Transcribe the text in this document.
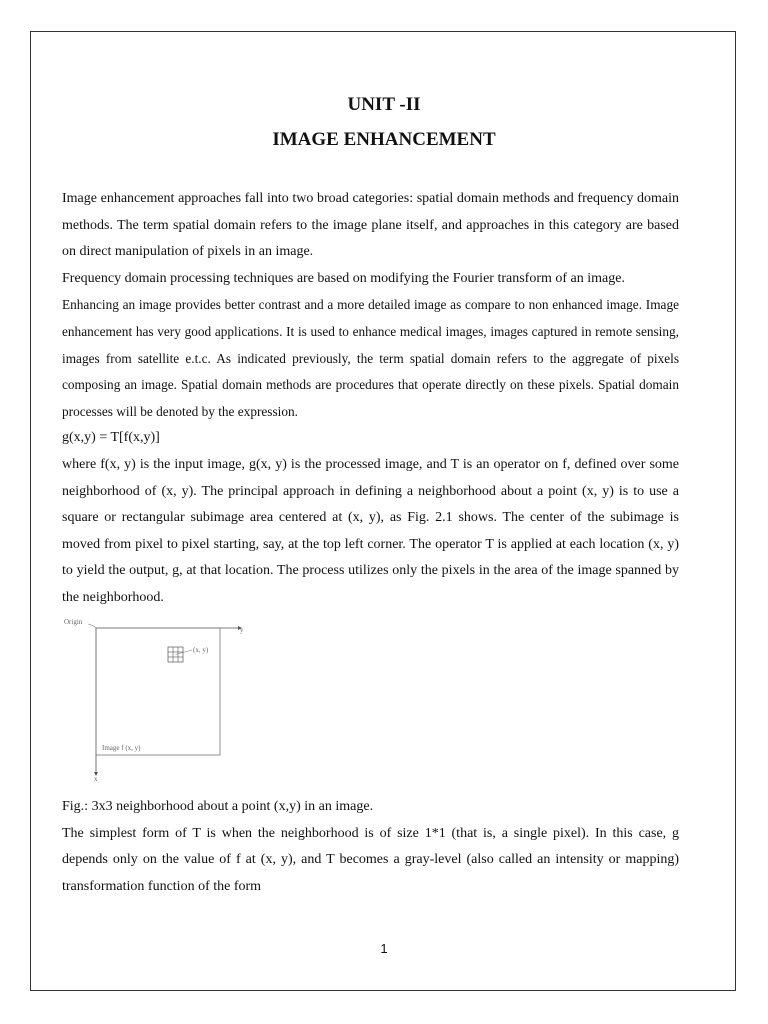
UNIT -II
IMAGE ENHANCEMENT

Image enhancement approaches fall into two broad categories: spatial domain methods and frequency domain methods. The term spatial domain refers to the image plane itself, and approaches in this category are based on direct manipulation of pixels in an image.

Frequency domain processing techniques are based on modifying the Fourier transform of an image.

Enhancing an image provides better contrast and a more detailed image as compare to non enhanced image. Image enhancement has very good applications. It is used to enhance medical images, images captured in remote sensing, images from satellite e.t.c. As indicated previously, the term spatial domain refers to the aggregate of pixels composing an image. Spatial domain methods are procedures that operate directly on these pixels. Spatial domain processes will be denoted by the expression.

g(x,y) = T[f(x,y)]

where f(x, y) is the input image, g(x, y) is the processed image, and T is an operator on f, defined over some neighborhood of (x, y). The principal approach in defining a neighborhood about a point (x, y) is to use a square or rectangular subimage area centered at (x, y), as Fig. 2.1 shows. The center of the subimage is moved from pixel to pixel starting, say, at the top left corner. The operator T is applied at each location (x, y) to yield the output, g, at that location. The process utilizes only the pixels in the area of the image spanned by the neighborhood.

Origin
y
x
(x, y)
Image f (x, y)

Fig.: 3x3 neighborhood about a point (x,y) in an image.

The simplest form of T is when the neighborhood is of size 1*1 (that is, a single pixel). In this case, g depends only on the value of f at (x, y), and T becomes a gray-level (also called an intensity or mapping) transformation function of the form

1
